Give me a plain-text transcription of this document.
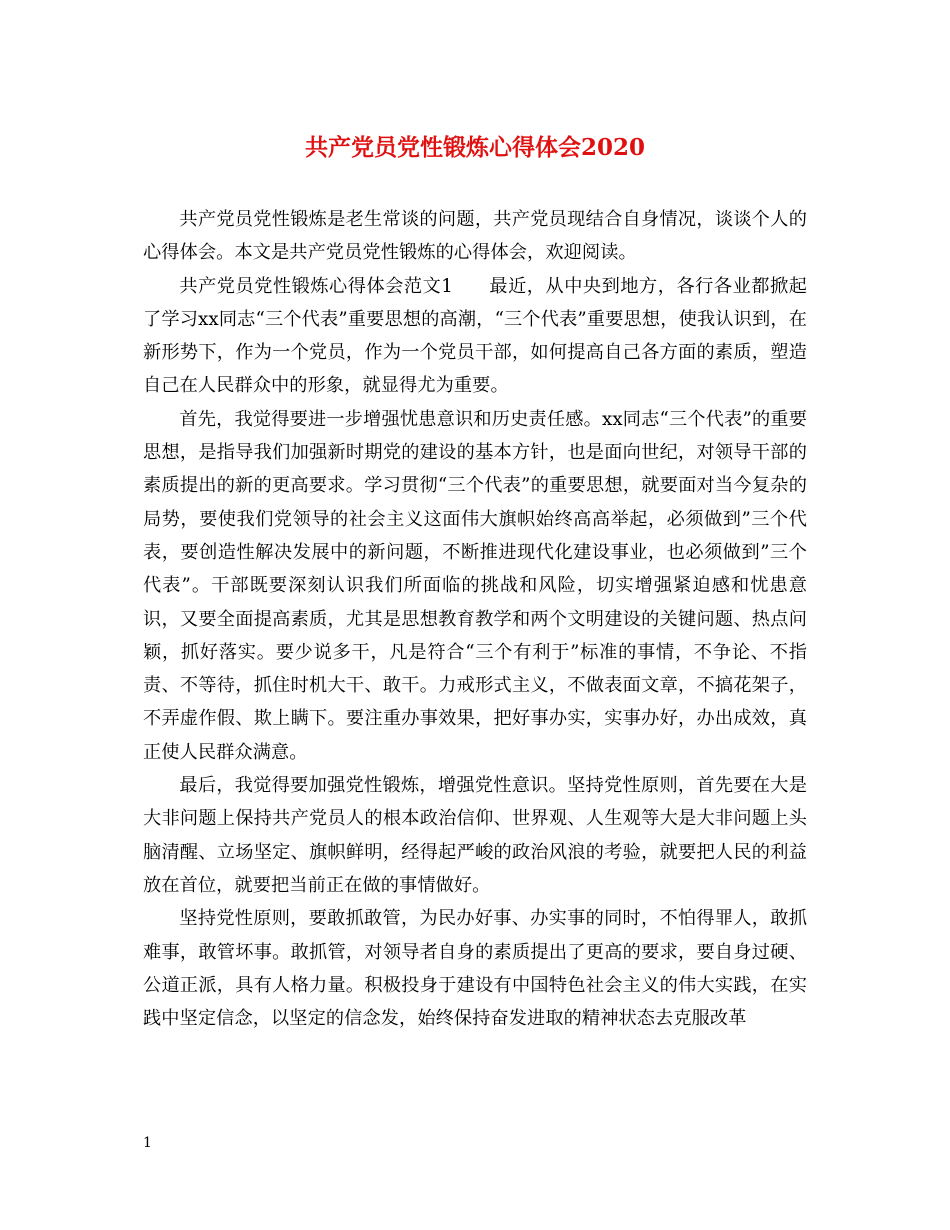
共产党员党性锻炼心得体会2020

共产党员党性锻炼是老生常谈的问题，共产党员现结合自身情况，谈谈个人的心得体会。本文是共产党员党性锻炼的心得体会，欢迎阅读。

共产党员党性锻炼心得体会范文1 最近，从中央到地方，各行各业都掀起了学习xx同志“三个代表”重要思想的高潮，“三个代表”重要思想，使我认识到，在新形势下，作为一个党员，作为一个党员干部，如何提高自己各方面的素质，塑造自己在人民群众中的形象，就显得尤为重要。

首先，我觉得要进一步增强忧患意识和历史责任感。xx同志“三个代表”的重要思想，是指导我们加强新时期党的建设的基本方针，也是面向世纪，对领导干部的素质提出的新的更高要求。学习贯彻“三个代表”的重要思想，就要面对当今复杂的局势，要使我们党领导的社会主义这面伟大旗帜始终高高举起，必须做到”三个代表，要创造性解决发展中的新问题，不断推进现代化建设事业，也必须做到”三个代表”。干部既要深刻认识我们所面临的挑战和风险，切实增强紧迫感和忧患意识，又要全面提高素质，尤其是思想教育教学和两个文明建设的关键问题、热点问颖，抓好落实。要少说多干，凡是符合“三个有利于”标准的事情，不争论、不指责、不等待，抓住时机大干、敢干。力戒形式主义，不做表面文章，不搞花架子，不弄虚作假、欺上瞒下。要注重办事效果，把好事办实，实事办好，办出成效，真正使人民群众满意。

最后，我觉得要加强党性锻炼，增强党性意识。坚持党性原则，首先要在大是大非问题上保持共产党员人的根本政治信仰、世界观、人生观等大是大非问题上头脑清醒、立场坚定、旗帜鲜明，经得起严峻的政治风浪的考验，就要把人民的利益放在首位，就要把当前正在做的事情做好。

坚持党性原则，要敢抓敢管，为民办好事、办实事的同时，不怕得罪人，敢抓难事，敢管坏事。敢抓管，对领导者自身的素质提出了更高的要求，要自身过硬、公道正派，具有人格力量。积极投身于建设有中国特色社会主义的伟大实践，在实践中坚定信念，以坚定的信念发，始终保持奋发进取的精神状态去克服改革

1
